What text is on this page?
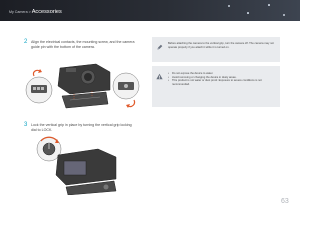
My Camera>Accessories
2 Align the electrical contacts, the mounting screw, and the camera guide pin with the bottom of the camera.
3 Lock the vertical grip in place by turning the vertical grip locking dial to LOCK.
Before attaching the camera to the vertical grip, turn the camera off. The camera may not operate properly if you attach it while it is turned on.
• Do not expose the device to water.
• Avoid removing or changing the device in dusty areas.
• This product is not water or dust proof. Exposure to severe conditions is not recommended.
63
